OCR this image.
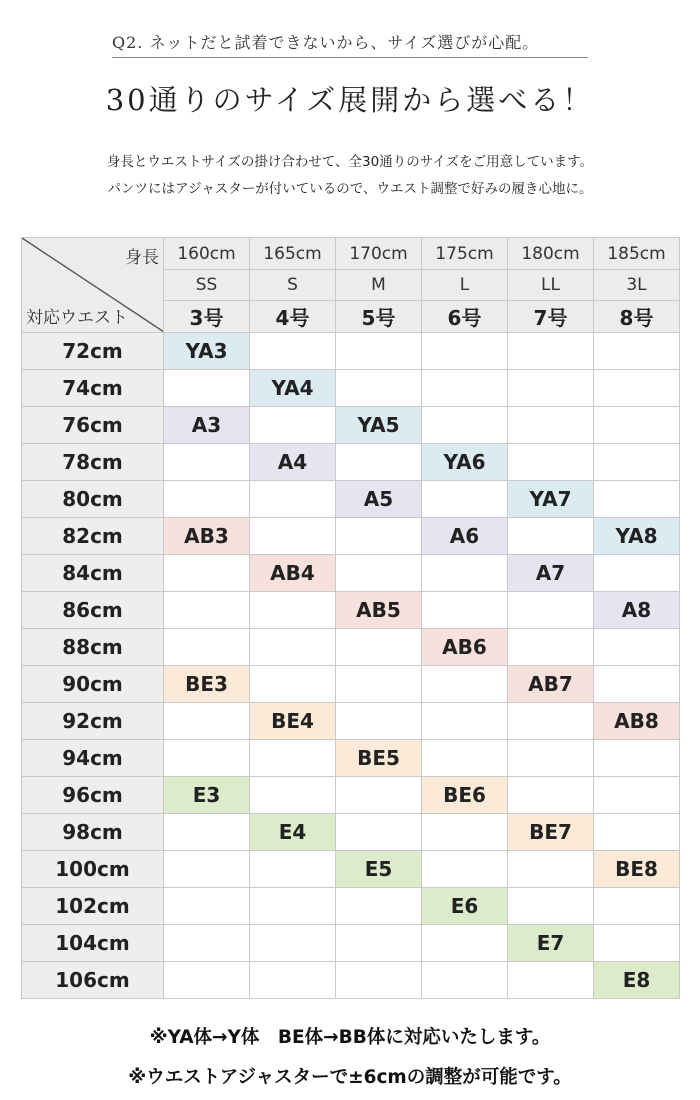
Q2. ネットだと試着できないから、サイズ選びが心配。
30通りのサイズ展開から選べる！
身長とウエストサイズの掛け合わせて、全30通りのサイズをご用意しています。
パンツにはアジャスターが付いているので、ウエスト調整で好みの履き心地に。
身長
対応ウエスト	160cm	165cm	170cm	175cm	180cm	185cm
	SS	S	M	L	LL	3L
	3号	4号	5号	6号	7号	8号
72cm	YA3					
74cm		YA4				
76cm	A3		YA5			
78cm		A4		YA6		
80cm			A5		YA7	
82cm	AB3			A6		YA8
84cm		AB4			A7	
86cm			AB5			A8
88cm				AB6		
90cm	BE3				AB7	
92cm		BE4				AB8
94cm			BE5			
96cm	E3			BE6		
98cm		E4			BE7	
100cm			E5			BE8
102cm				E6		
104cm					E7	
106cm						E8
※YA体→Y体　BE体→BB体に対応いたします。
※ウエストアジャスターで±6cmの調整が可能です。
